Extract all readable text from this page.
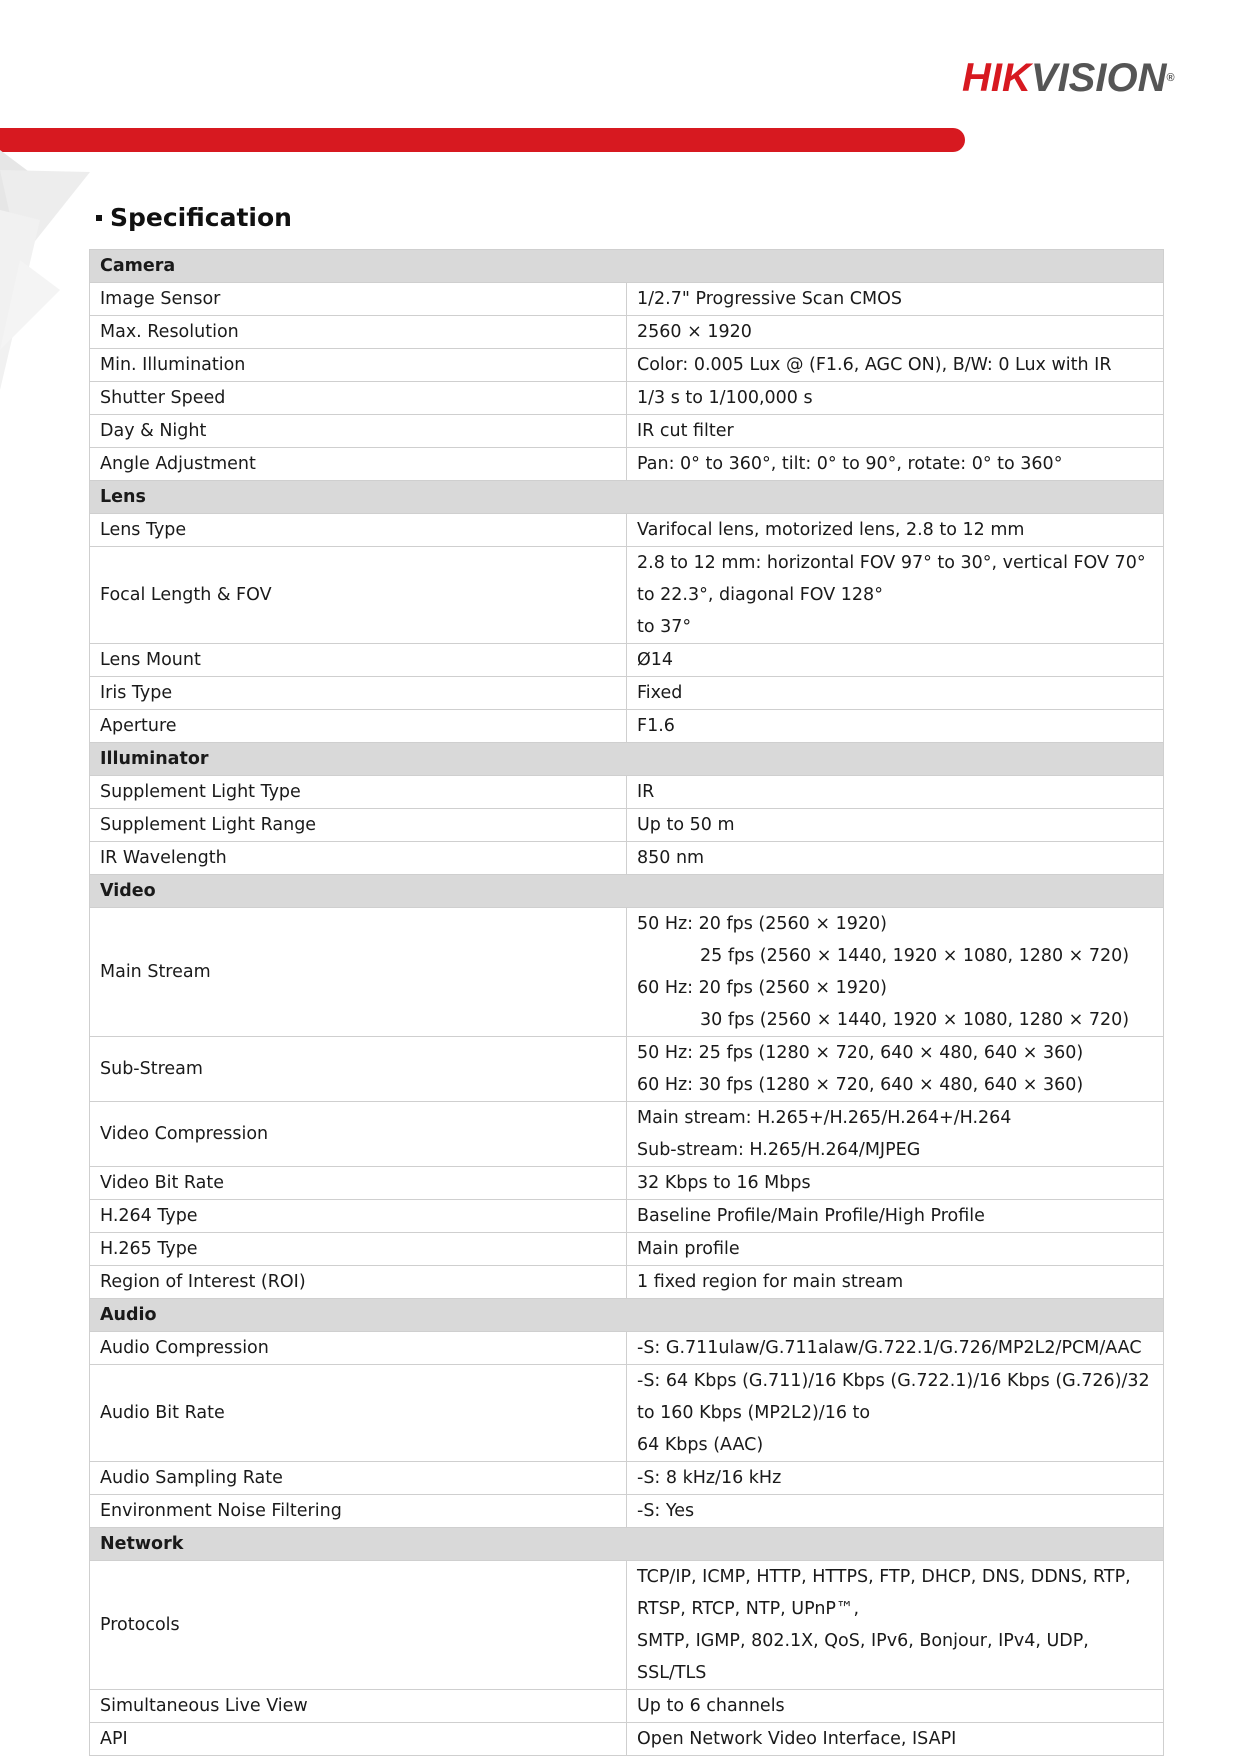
HIKVISION®
Specification
Camera	
Image Sensor	1/2.7" Progressive Scan CMOS

Max. Resolution	2560 × 1920

Min. Illumination	Color: 0.005 Lux @ (F1.6, AGC ON), B/W: 0 Lux with IR

Shutter Speed	1/3 s to 1/100,000 s

Day & Night	IR cut filter

Angle Adjustment	Pan: 0° to 360°, tilt: 0° to 90°, rotate: 0° to 360°

Lens	
Lens Type	Varifocal lens, motorized lens, 2.8 to 12 mm

Focal Length & FOV	2.8 to 12 mm: horizontal FOV 97° to 30°, vertical FOV 70° to 22.3°, diagonal FOV 128°
to 37°

Lens Mount	Ø14

Iris Type	Fixed

Aperture	F1.6

Illuminator	
Supplement Light Type	IR

Supplement Light Range	Up to 50 m

IR Wavelength	850 nm

Video	
Main Stream	50 Hz: 20 fps (2560 × 1920)
25 fps (2560 × 1440, 1920 × 1080, 1280 × 720)
60 Hz: 20 fps (2560 × 1920)
30 fps (2560 × 1440, 1920 × 1080, 1280 × 720)

Sub-Stream	50 Hz: 25 fps (1280 × 720, 640 × 480, 640 × 360)
60 Hz: 30 fps (1280 × 720, 640 × 480, 640 × 360)

Video Compression	Main stream: H.265+/H.265/H.264+/H.264
Sub-stream: H.265/H.264/MJPEG

Video Bit Rate	32 Kbps to 16 Mbps

H.264 Type	Baseline Profile/Main Profile/High Profile

H.265 Type	Main profile

Region of Interest (ROI)	1 fixed region for main stream

Audio	
Audio Compression	-S: G.711ulaw/G.711alaw/G.722.1/G.726/MP2L2/PCM/AAC

Audio Bit Rate	-S: 64 Kbps (G.711)/16 Kbps (G.722.1)/16 Kbps (G.726)/32 to 160 Kbps (MP2L2)/16 to
64 Kbps (AAC)

Audio Sampling Rate	-S: 8 kHz/16 kHz

Environment Noise Filtering	-S: Yes

Network	
Protocols	TCP/IP, ICMP, HTTP, HTTPS, FTP, DHCP, DNS, DDNS, RTP, RTSP, RTCP, NTP, UPnP™,
SMTP, IGMP, 802.1X, QoS, IPv6, Bonjour, IPv4, UDP, SSL/TLS

Simultaneous Live View	Up to 6 channels

API	Open Network Video Interface, ISAPI
